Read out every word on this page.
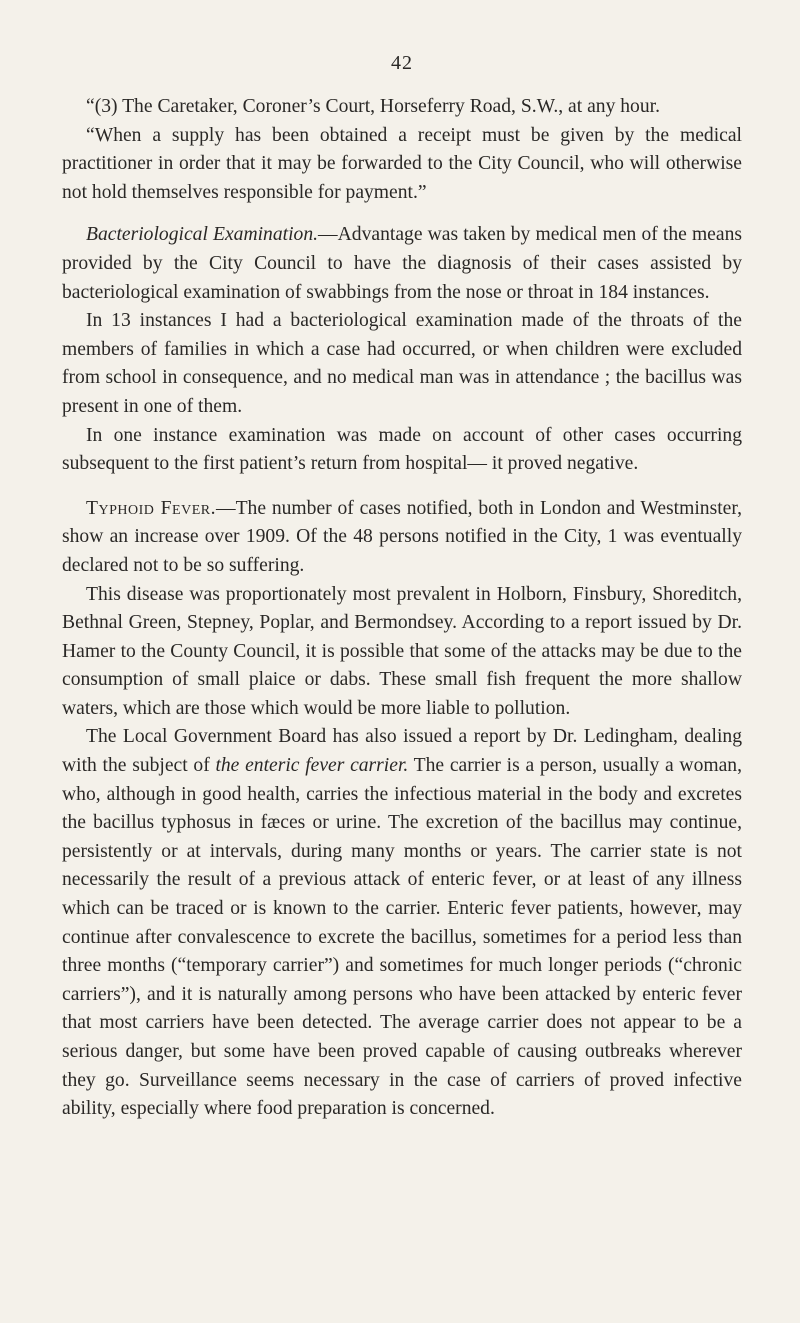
42

“(3) The Caretaker, Coroner’s Court, Horseferry Road, S.W., at any hour.

“When a supply has been obtained a receipt must be given by the medical practitioner in order that it may be forwarded to the City Council, who will otherwise not hold themselves responsible for payment.”

Bacteriological Examination.—Advantage was taken by medical men of the means provided by the City Council to have the diagnosis of their cases assisted by bacteriological examination of swabbings from the nose or throat in 184 instances.

In 13 instances I had a bacteriological examination made of the throats of the members of families in which a case had occurred, or when children were excluded from school in consequence, and no medical man was in attendance ; the bacillus was present in one of them.

In one instance examination was made on account of other cases occurring subsequent to the first patient’s return from hospital— it proved negative.

Typhoid Fever.—The number of cases notified, both in London and Westminster, show an increase over 1909. Of the 48 persons notified in the City, 1 was eventually declared not to be so suffering.

This disease was proportionately most prevalent in Holborn, Finsbury, Shoreditch, Bethnal Green, Stepney, Poplar, and Bermondsey. According to a report issued by Dr. Hamer to the County Council, it is possible that some of the attacks may be due to the consumption of small plaice or dabs. These small fish frequent the more shallow waters, which are those which would be more liable to pollution.

The Local Government Board has also issued a report by Dr. Ledingham, dealing with the subject of the enteric fever carrier. The carrier is a person, usually a woman, who, although in good health, carries the infectious material in the body and excretes the bacillus typhosus in fæces or urine. The excretion of the bacillus may continue, persistently or at intervals, during many months or years. The carrier state is not necessarily the result of a previous attack of enteric fever, or at least of any illness which can be traced or is known to the carrier. Enteric fever patients, however, may continue after convalescence to excrete the bacillus, sometimes for a period less than three months (“temporary carrier”) and sometimes for much longer periods (“chronic carriers”), and it is naturally among persons who have been attacked by enteric fever that most carriers have been detected. The average carrier does not appear to be a serious danger, but some have been proved capable of causing outbreaks wherever they go. Surveillance seems necessary in the case of carriers of proved infective ability, especially where food preparation is concerned.
